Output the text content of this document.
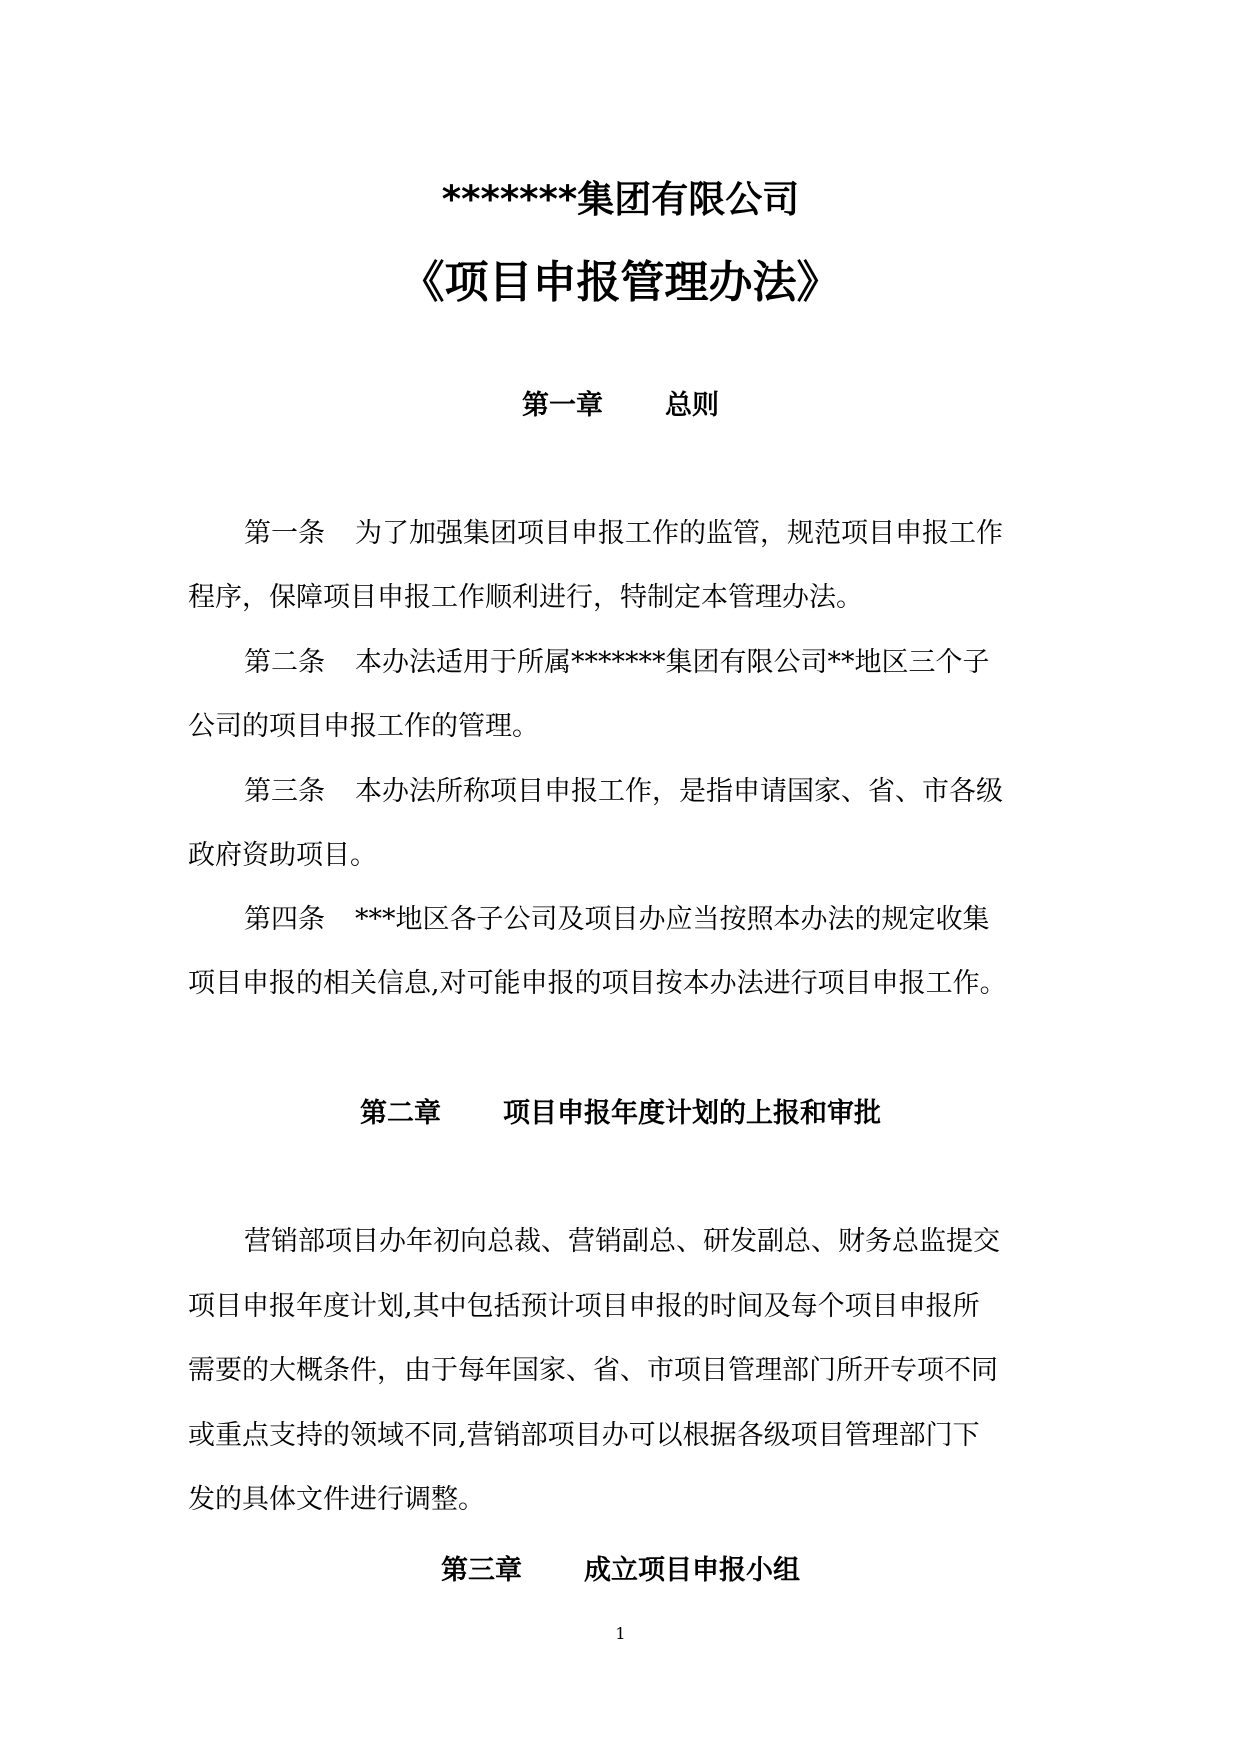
*******集团有限公司
《项目申报管理办法》
第一章 总则
第一条 为了加强集团项目申报工作的监管，规范项目申报工作
程序，保障项目申报工作顺利进行，特制定本管理办法。
第二条 本办法适用于所属*******集团有限公司**地区三个子
公司的项目申报工作的管理。
第三条 本办法所称项目申报工作，是指申请国家、省、市各级
政府资助项目。
第四条 ***地区各子公司及项目办应当按照本办法的规定收集
项目申报的相关信息,对可能申报的项目按本办法进行项目申报工作。
第二章 项目申报年度计划的上报和审批
营销部项目办年初向总裁、营销副总、研发副总、财务总监提交
项目申报年度计划,其中包括预计项目申报的时间及每个项目申报所
需要的大概条件，由于每年国家、省、市项目管理部门所开专项不同
或重点支持的领域不同,营销部项目办可以根据各级项目管理部门下
发的具体文件进行调整。
第三章 成立项目申报小组
1
